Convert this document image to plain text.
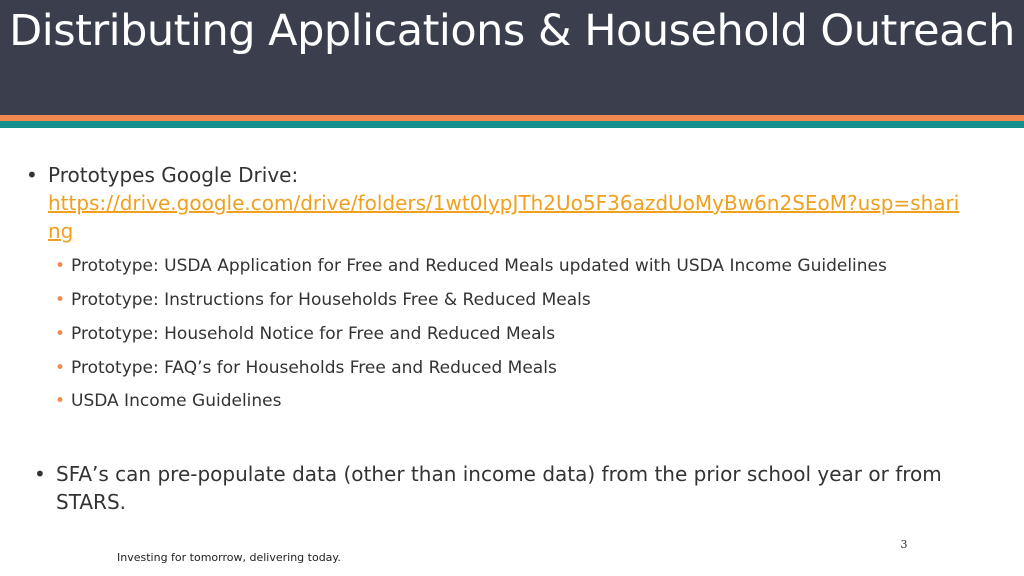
Distributing Applications & Household Outreach
• Prototypes Google Drive:
https://drive.google.com/drive/folders/1wt0lypJTh2Uo5F36azdUoMyBw6n2SEoM?usp=sharing
• Prototype: USDA Application for Free and Reduced Meals updated with USDA Income Guidelines
• Prototype: Instructions for Households Free & Reduced Meals
• Prototype: Household Notice for Free and Reduced Meals
• Prototype: FAQ’s for Households Free and Reduced Meals
• USDA Income Guidelines
• SFA’s can pre-populate data (other than income data) from the prior school year or from STARS.
3
Investing for tomorrow, delivering today.
